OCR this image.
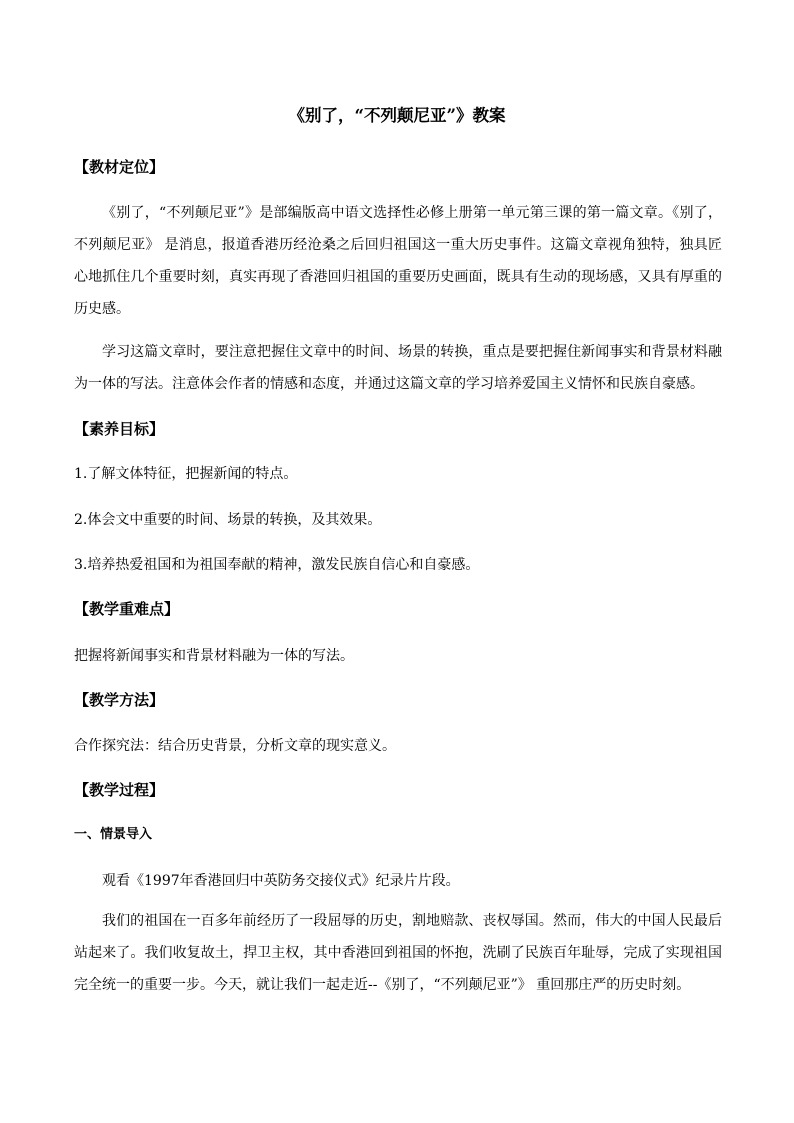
《别了，“不列颠尼亚”》教案
【教材定位】
《别了，“不列颠尼亚”》是部编版高中语文选择性必修上册第一单元第三课的第一篇文章。《别了，不列颠尼亚》 是消息，报道香港历经沧桑之后回归祖国这一重大历史事件。这篇文章视角独特，独具匠心地抓住几个重要时刻，真实再现了香港回归祖国的重要历史画面，既具有生动的现场感，又具有厚重的历史感。
学习这篇文章时，要注意把握住文章中的时间、场景的转换，重点是要把握住新闻事实和背景材料融为一体的写法。注意体会作者的情感和态度，并通过这篇文章的学习培养爱国主义情怀和民族自豪感。
【素养目标】
1.了解文体特征，把握新闻的特点。
2.体会文中重要的时间、场景的转换，及其效果。
3.培养热爱祖国和为祖国奉献的精神，激发民族自信心和自豪感。
【教学重难点】
把握将新闻事实和背景材料融为一体的写法。
【教学方法】
合作探究法：结合历史背景，分析文章的现实意义。
【教学过程】
一、情景导入
观看《1997年香港回归中英防务交接仪式》纪录片片段。
我们的祖国在一百多年前经历了一段屈辱的历史，割地赔款、丧权辱国。然而，伟大的中国人民最后站起来了。我们收复故土，捍卫主权，其中香港回到祖国的怀抱，洗刷了民族百年耻辱，完成了实现祖国完全统一的重要一步。今天，就让我们一起走近--《别了，“不列颠尼亚”》 重回那庄严的历史时刻。
